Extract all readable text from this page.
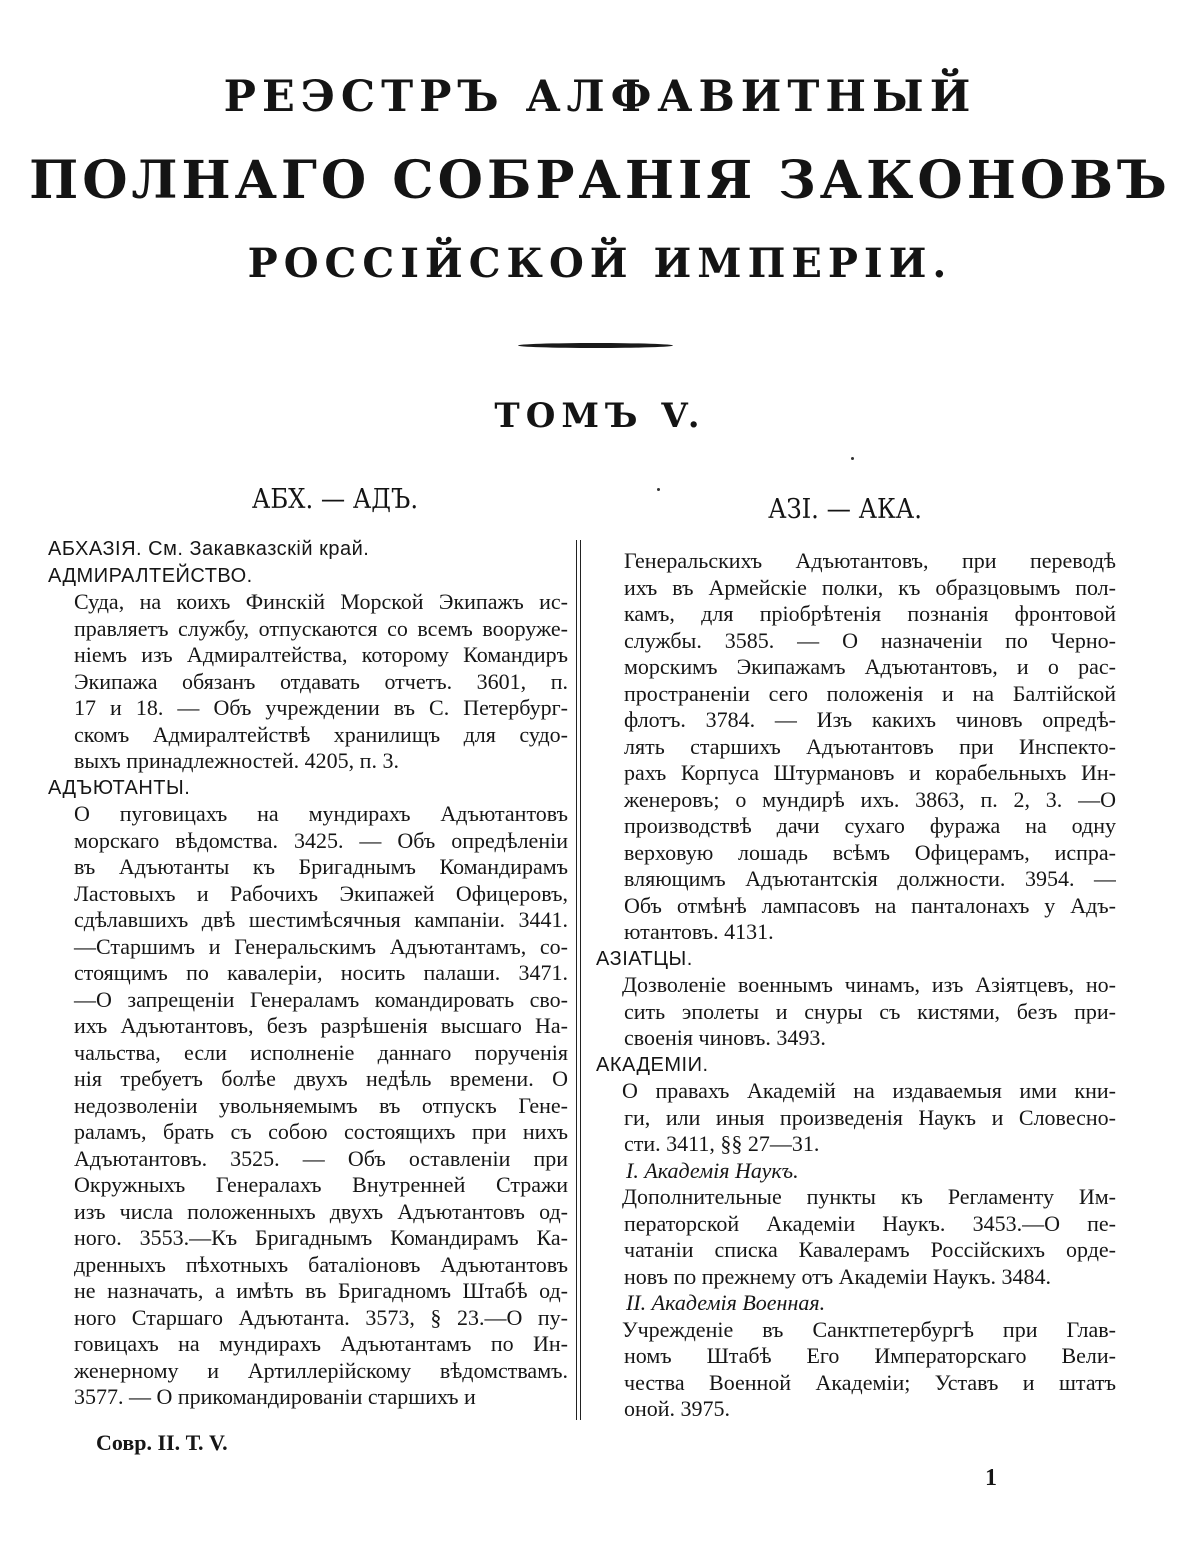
РЕЭСТРЪ АЛФАВИТНЫЙ
ПОЛНАГО СОБРАНІЯ ЗАКОНОВЪ
РОССІЙСКОЙ ИМПЕРІИ.
ТОМЪ V.
АБХ. — АДЪ.	АЗІ. — АКА.
АБХАЗІЯ. См. Закавказскій край.
АДМИРАЛТЕЙСТВО.
Суда, на коихъ Финскій Морской Экипажъ ис-
правляетъ службу, отпускаются со всемъ вооруже-
ніемъ изъ Адмиралтейства, которому Командиръ
Экипажа обязанъ отдавать отчетъ. 3601, п.
17 и 18. — Объ учреждении въ С. Петербург-
скомъ Адмиралтействѣ хранилищъ для судо-
выхъ принадлежностей. 4205, п. 3.
АДЪЮТАНТЫ.
О пуговицахъ на мундирахъ Адъютантовъ
морскаго вѣдомства. 3425. — Объ опредѣленіи
въ Адъютанты къ Бригаднымъ Командирамъ
Ластовыхъ и Рабочихъ Экипажей Офицеровъ,
сдѣлавшихъ двѣ шестимѣсячныя кампаніи. 3441.
—Старшимъ и Генеральскимъ Адъютантамъ, со-
стоящимъ по кавалеріи, носить палаши. 3471.
—О запрещеніи Генераламъ командировать сво-
ихъ Адъютантовъ, безъ разрѣшенія высшаго На-
чальства, если исполненіе даннаго порученія
нія требуетъ болѣе двухъ недѣль времени. О
недозволеніи увольняемымъ въ отпускъ Гене-
раламъ, брать съ собою состоящихъ при нихъ
Адъютантовъ. 3525. — Объ оставленіи при
Окружныхъ Генералахъ Внутренней Стражи
изъ числа положенныхъ двухъ Адъютантовъ од-
ного. 3553.—Къ Бригаднымъ Командирамъ Ка-
дренныхъ пѣхотныхъ баталіоновъ Адъютантовъ
не назначать, а имѣть въ Бригадномъ Штабѣ од-
ного Старшаго Адъютанта. 3573, § 23.—О пу-
говицахъ на мундирахъ Адъютантамъ по Ин-
женерному и Артиллерійскому вѣдомствамъ.
3577. — О прикомандированіи старшихъ и
Генеральскихъ Адъютантовъ, при переводѣ
ихъ въ Армейскіе полки, къ образцовымъ пол-
камъ, для пріобрѣтенія познанія фронтовой
службы. 3585. — О назначеніи по Черно-
морскимъ Экипажамъ Адъютантовъ, и о рас-
пространеніи сего положенія и на Балтійской
флотъ. 3784. — Изъ какихъ чиновъ опредѣ-
лять старшихъ Адъютантовъ при Инспекто-
рахъ Корпуса Штурмановъ и корабельныхъ Ин-
женеровъ; о мундирѣ ихъ. 3863, п. 2, 3. —О
производствѣ дачи сухаго фуража на одну
верховую лошадь всѣмъ Офицерамъ, испра-
вляющимъ Адъютантскія должности. 3954. —
Объ отмѣнѣ лампасовъ на панталонахъ у Адъ-
ютантовъ. 4131.
АЗІАТЦЫ.
Дозволеніе военнымъ чинамъ, изъ Азіятцевъ, но-
сить эполеты и снуры съ кистями, безъ при-
своенія чиновъ. 3493.
АКАДЕМІИ.
О правахъ Академій на издаваемыя ими кни-
ги, или иныя произведенія Наукъ и Словесно-
сти. 3411, §§ 27—31.
I. Академія Наукъ.
Дополнительные пункты къ Регламенту Им-
ператорской Академіи Наукъ. 3453.—О пе-
чатаніи списка Кавалерамъ Россійскихъ орде-
новъ по прежнему отъ Академіи Наукъ. 3484.
II. Академія Военная.
Учрежденіе въ Санктпетербургѣ при Глав-
номъ Штабѣ Его Императорскаго Вели-
чества Военной Академіи; Уставъ и штатъ
оной. 3975.
Совр. II. Т. V.
1
